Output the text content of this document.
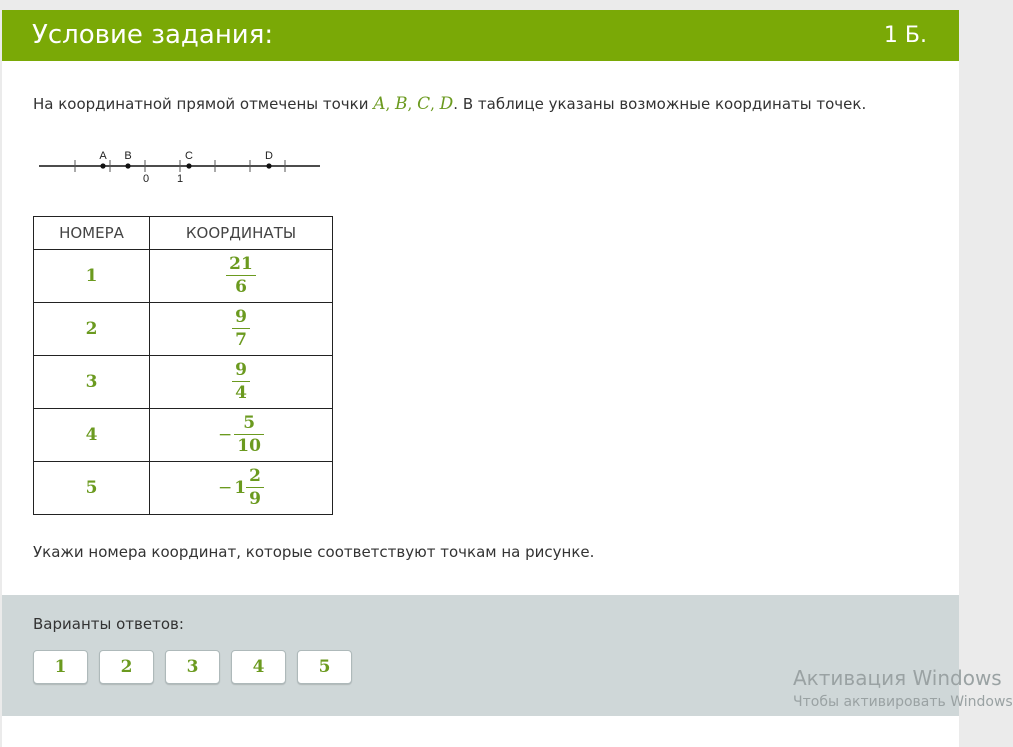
Условие задания:	1 Б.
На координатной прямой отмечены точки A, B, C, D. В таблице указаны возможные координаты точек.
A B	C	D
0	1
НОМЕРА	КООРДИНАТЫ
1	$\frac{21}{6}$

2	$\frac{9}{7}$

3	$\frac{9}{4}$

4	− $\frac{5}{10}$

5	− $1 \frac{2}{9}$
Укажи номера координат, которые соответствуют точкам на рисунке.
Варианты ответов:
1	2	3	4	5	Активация Windows
Чтобы активировать Windows
